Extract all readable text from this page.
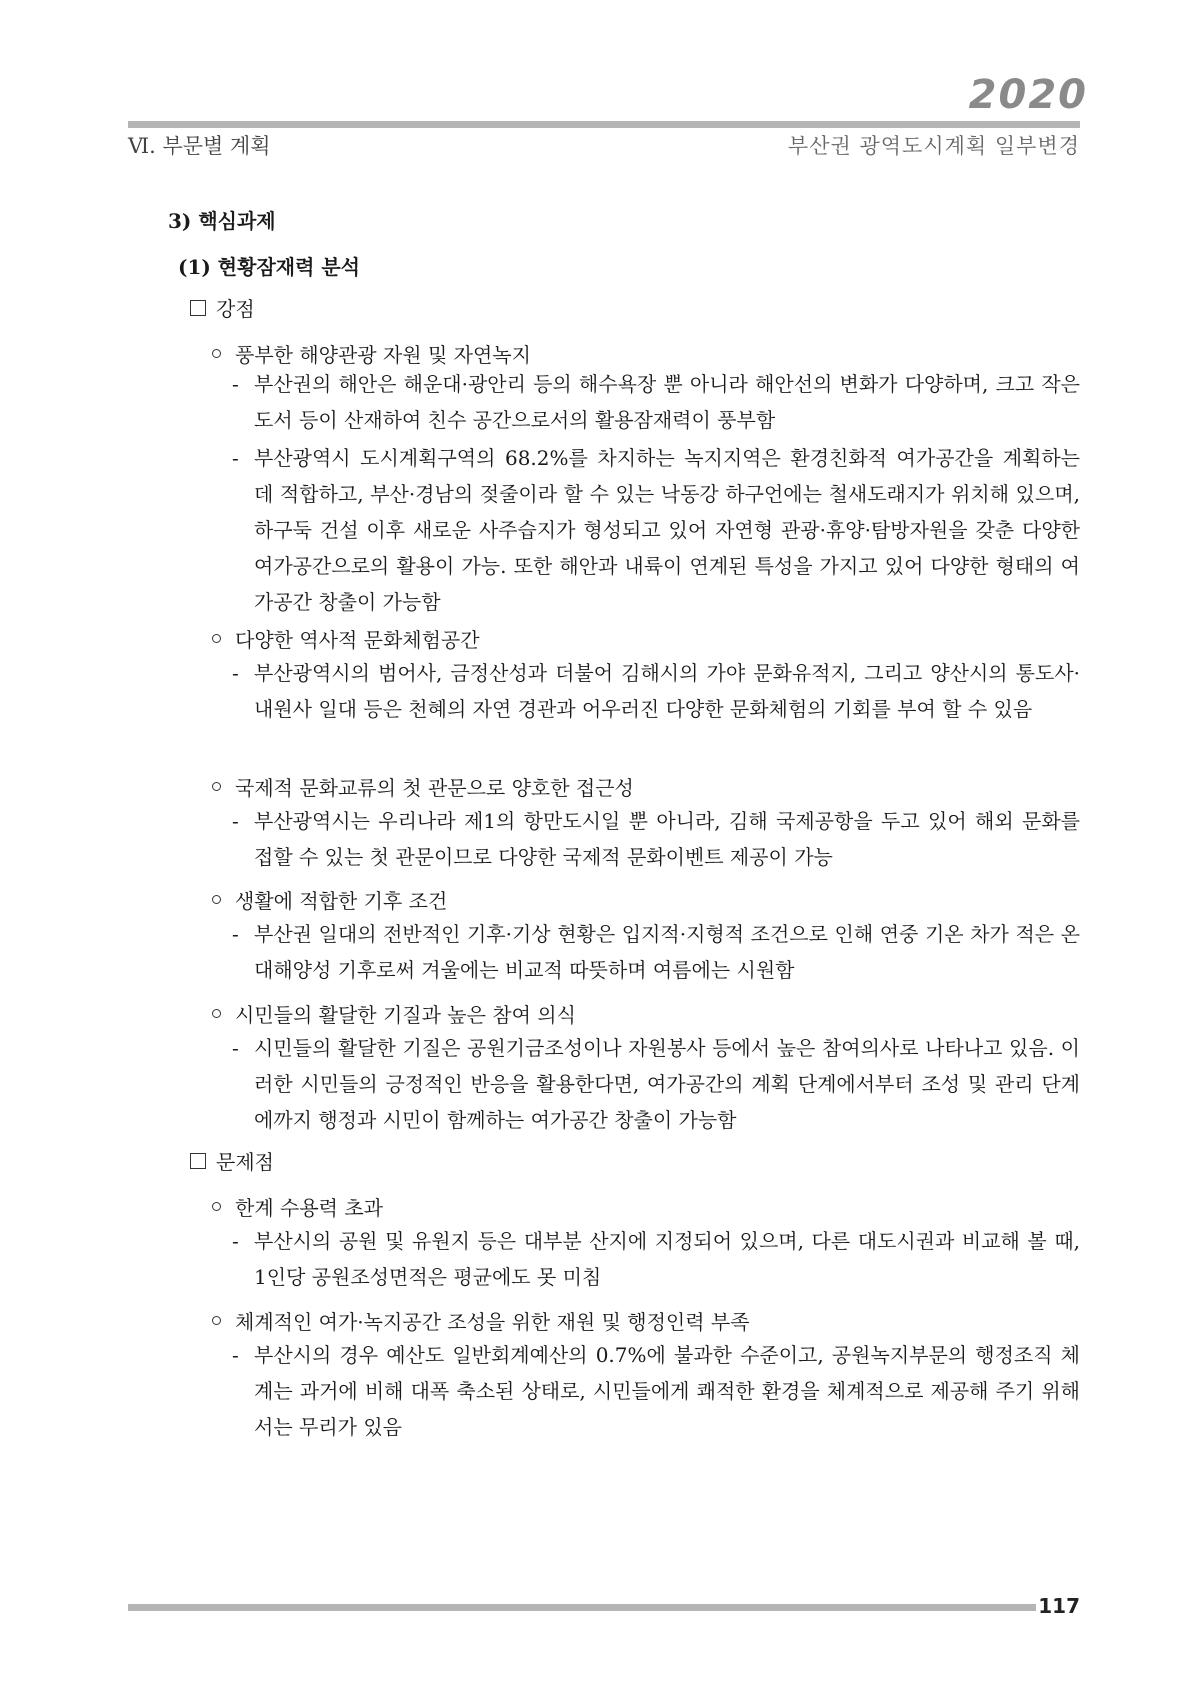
2020
Ⅵ. 부문별 계획	부산권 광역도시계획 일부변경
3) 핵심과제
(1) 현황잠재력 분석
강점
풍부한 해양관광 자원 및 자연녹지
- 부산권의 해안은 해운대·광안리 등의 해수욕장 뿐 아니라 해안선의 변화가 다양하며, 크고 작은 도서 등이 산재하여 친수 공간으로서의 활용잠재력이 풍부함
- 부산광역시 도시계획구역의 68.2%를 차지하는 녹지지역은 환경친화적 여가공간을 계획하는 데 적합하고, 부산·경남의 젖줄이라 할 수 있는 낙동강 하구언에는 철새도래지가 위치해 있으며, 하구둑 건설 이후 새로운 사주습지가 형성되고 있어 자연형 관광·휴양·탐방자원을 갖춘 다양한 여가공간으로의 활용이 가능. 또한 해안과 내륙이 연계된 특성을 가지고 있어 다양한 형태의 여가공간 창출이 가능함
다양한 역사적 문화체험공간
- 부산광역시의 범어사, 금정산성과 더불어 김해시의 가야 문화유적지, 그리고 양산시의 통도사·내원사 일대 등은 천혜의 자연 경관과 어우러진 다양한 문화체험의 기회를 부여 할 수 있음
국제적 문화교류의 첫 관문으로 양호한 접근성
- 부산광역시는 우리나라 제1의 항만도시일 뿐 아니라, 김해 국제공항을 두고 있어 해외 문화를 접할 수 있는 첫 관문이므로 다양한 국제적 문화이벤트 제공이 가능
생활에 적합한 기후 조건
- 부산권 일대의 전반적인 기후·기상 현황은 입지적·지형적 조건으로 인해 연중 기온 차가 적은 온대해양성 기후로써 겨울에는 비교적 따뜻하며 여름에는 시원함
시민들의 활달한 기질과 높은 참여 의식
- 시민들의 활달한 기질은 공원기금조성이나 자원봉사 등에서 높은 참여의사로 나타나고 있음. 이러한 시민들의 긍정적인 반응을 활용한다면, 여가공간의 계획 단계에서부터 조성 및 관리 단계에까지 행정과 시민이 함께하는 여가공간 창출이 가능함
문제점
한계 수용력 초과
- 부산시의 공원 및 유원지 등은 대부분 산지에 지정되어 있으며, 다른 대도시권과 비교해 볼 때, 1인당 공원조성면적은 평균에도 못 미침
체계적인 여가·녹지공간 조성을 위한 재원 및 행정인력 부족
- 부산시의 경우 예산도 일반회계예산의 0.7%에 불과한 수준이고, 공원녹지부문의 행정조직 체계는 과거에 비해 대폭 축소된 상태로, 시민들에게 쾌적한 환경을 체계적으로 제공해 주기 위해서는 무리가 있음
117
